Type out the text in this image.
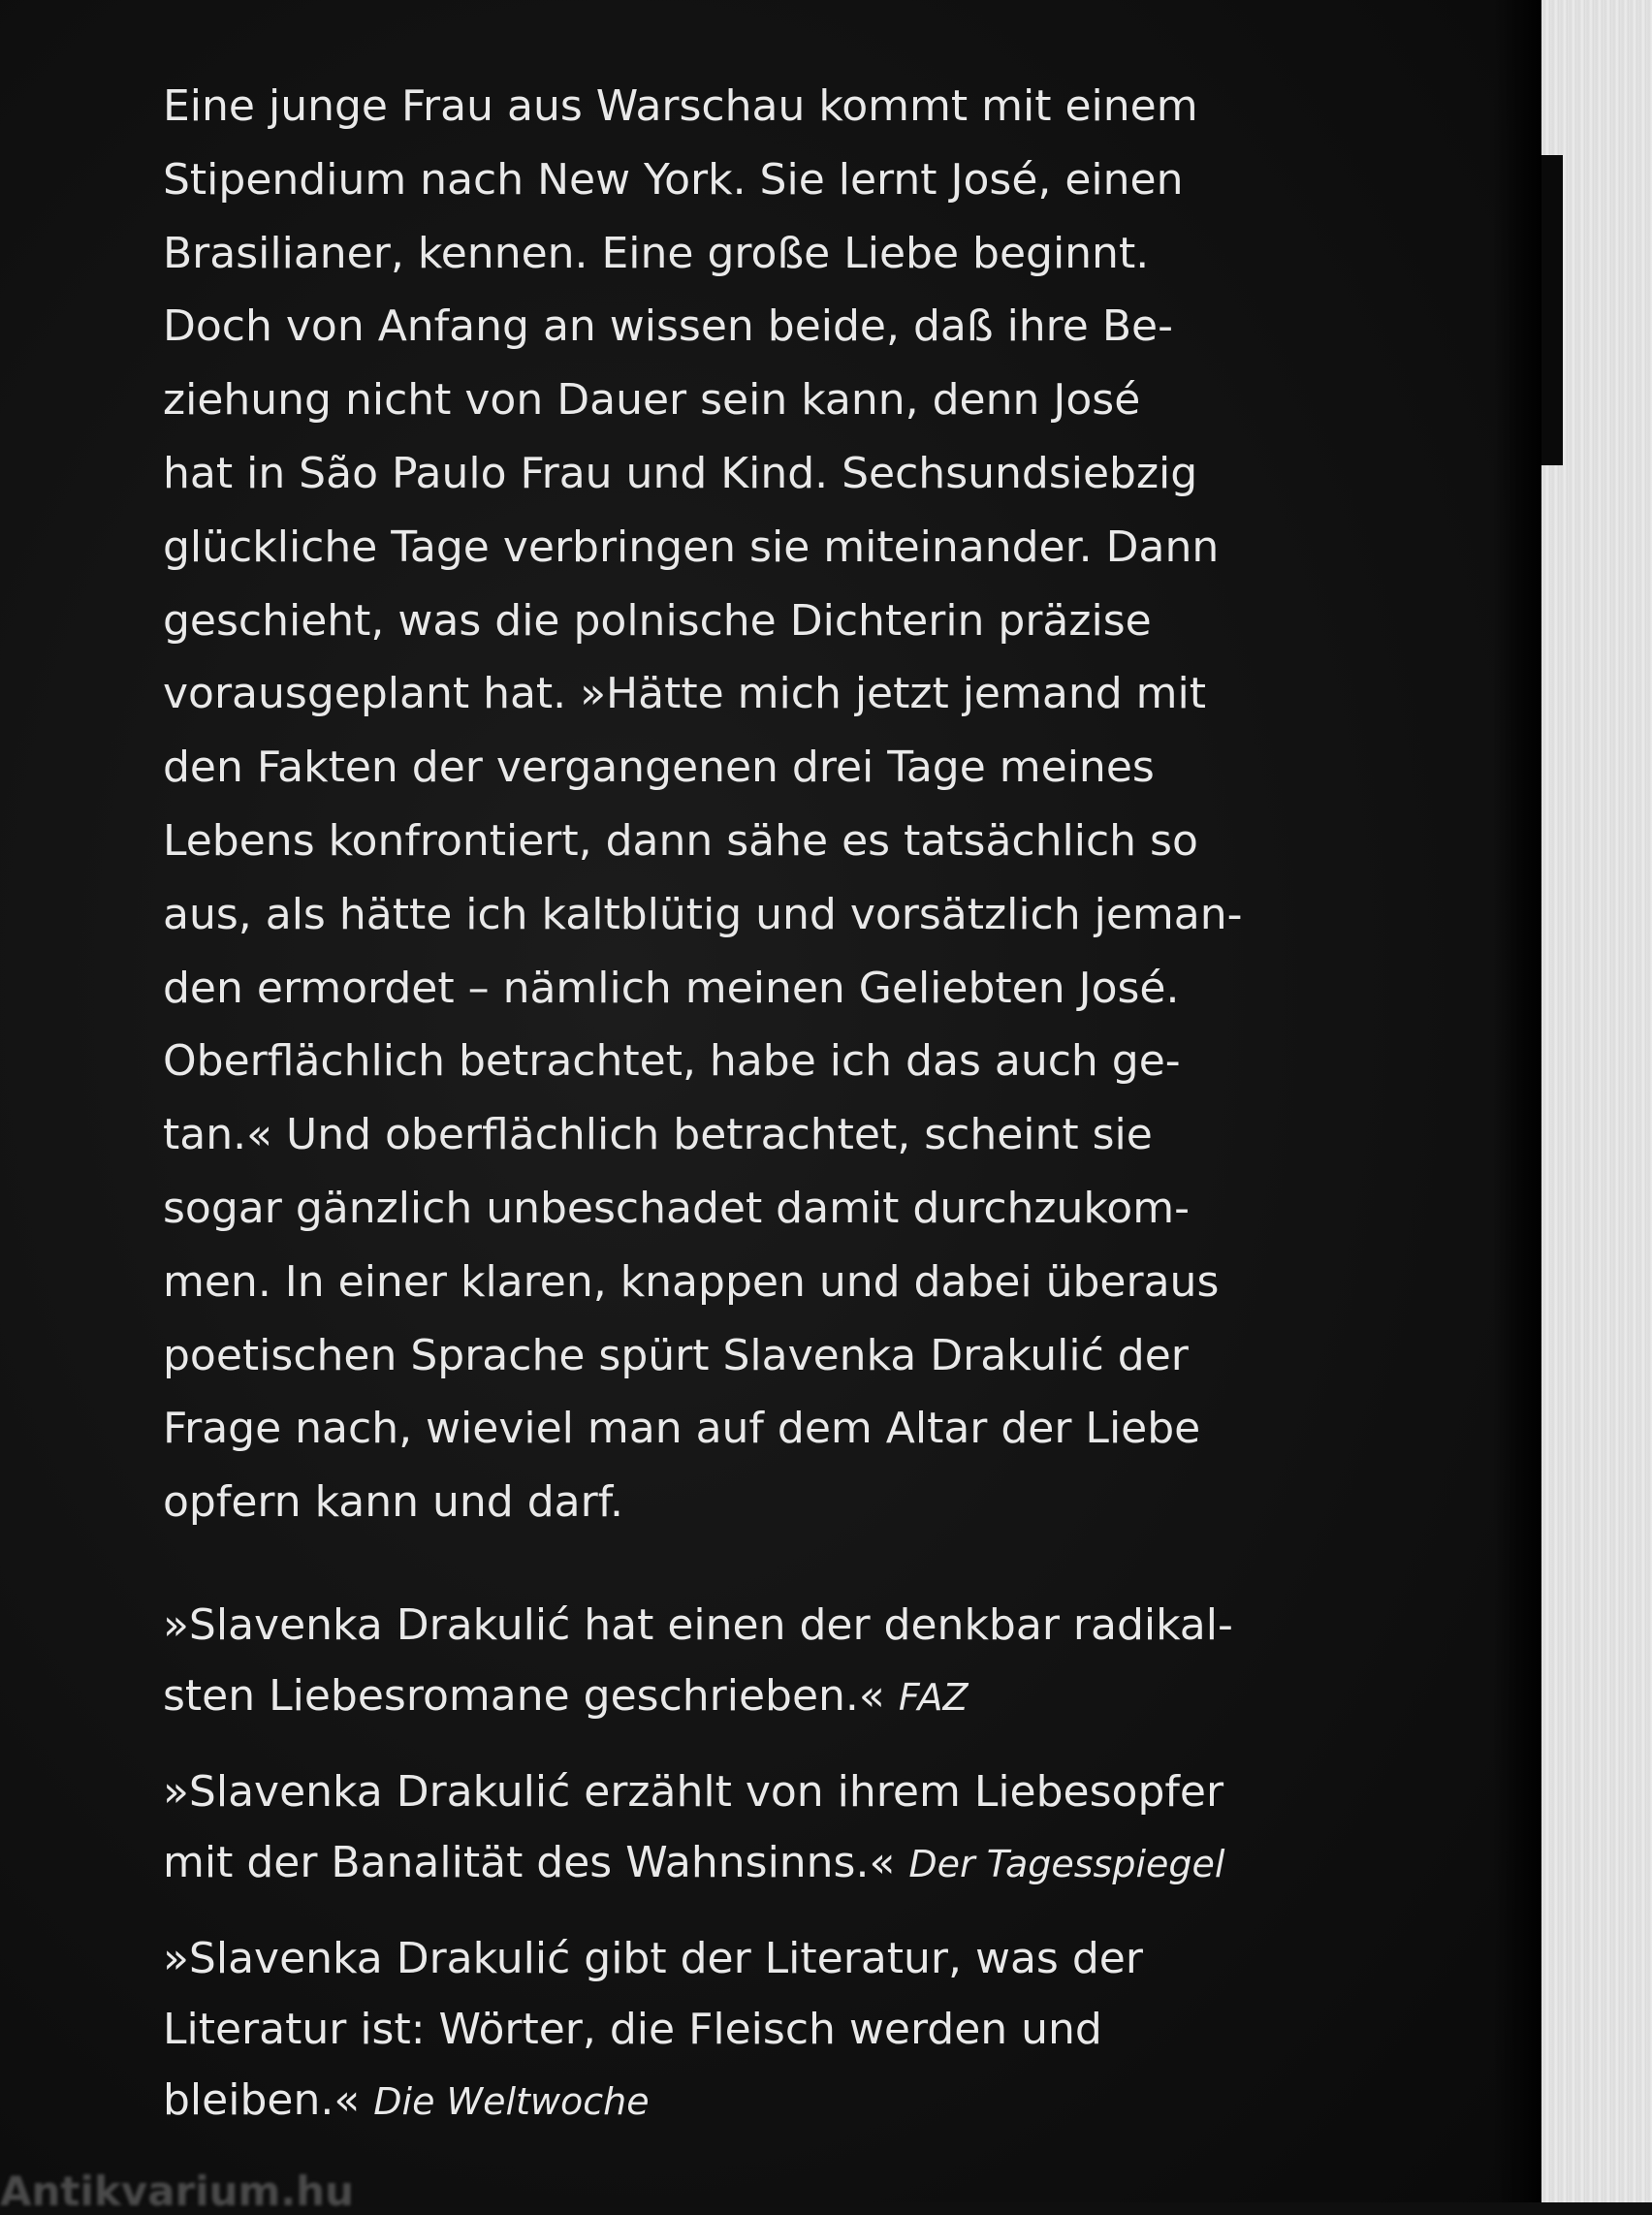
Eine junge Frau aus Warschau kommt mit einem
Stipendium nach New York. Sie lernt José, einen
Brasilianer, kennen. Eine große Liebe beginnt.
Doch von Anfang an wissen beide, daß ihre Be-
ziehung nicht von Dauer sein kann, denn José
hat in São Paulo Frau und Kind. Sechsundsiebzig
glückliche Tage verbringen sie miteinander. Dann
geschieht, was die polnische Dichterin präzise
vorausgeplant hat. »Hätte mich jetzt jemand mit
den Fakten der vergangenen drei Tage meines
Lebens konfrontiert, dann sähe es tatsächlich so
aus, als hätte ich kaltblütig und vorsätzlich jeman-
den ermordet – nämlich meinen Geliebten José.
Oberflächlich betrachtet, habe ich das auch ge-
tan.« Und oberflächlich betrachtet, scheint sie
sogar gänzlich unbeschadet damit durchzukom-
men. In einer klaren, knappen und dabei überaus
poetischen Sprache spürt Slavenka Drakulić der
Frage nach, wieviel man auf dem Altar der Liebe
opfern kann und darf.

»Slavenka Drakulić hat einen der denkbar radikal-
sten Liebesromane geschrieben.« FAZ

»Slavenka Drakulić erzählt von ihrem Liebesopfer
mit der Banalität des Wahnsinns.« Der Tagesspiegel

»Slavenka Drakulić gibt der Literatur, was der
Literatur ist: Wörter, die Fleisch werden und
bleiben.« Die Weltwoche

Antikvarium.hu
